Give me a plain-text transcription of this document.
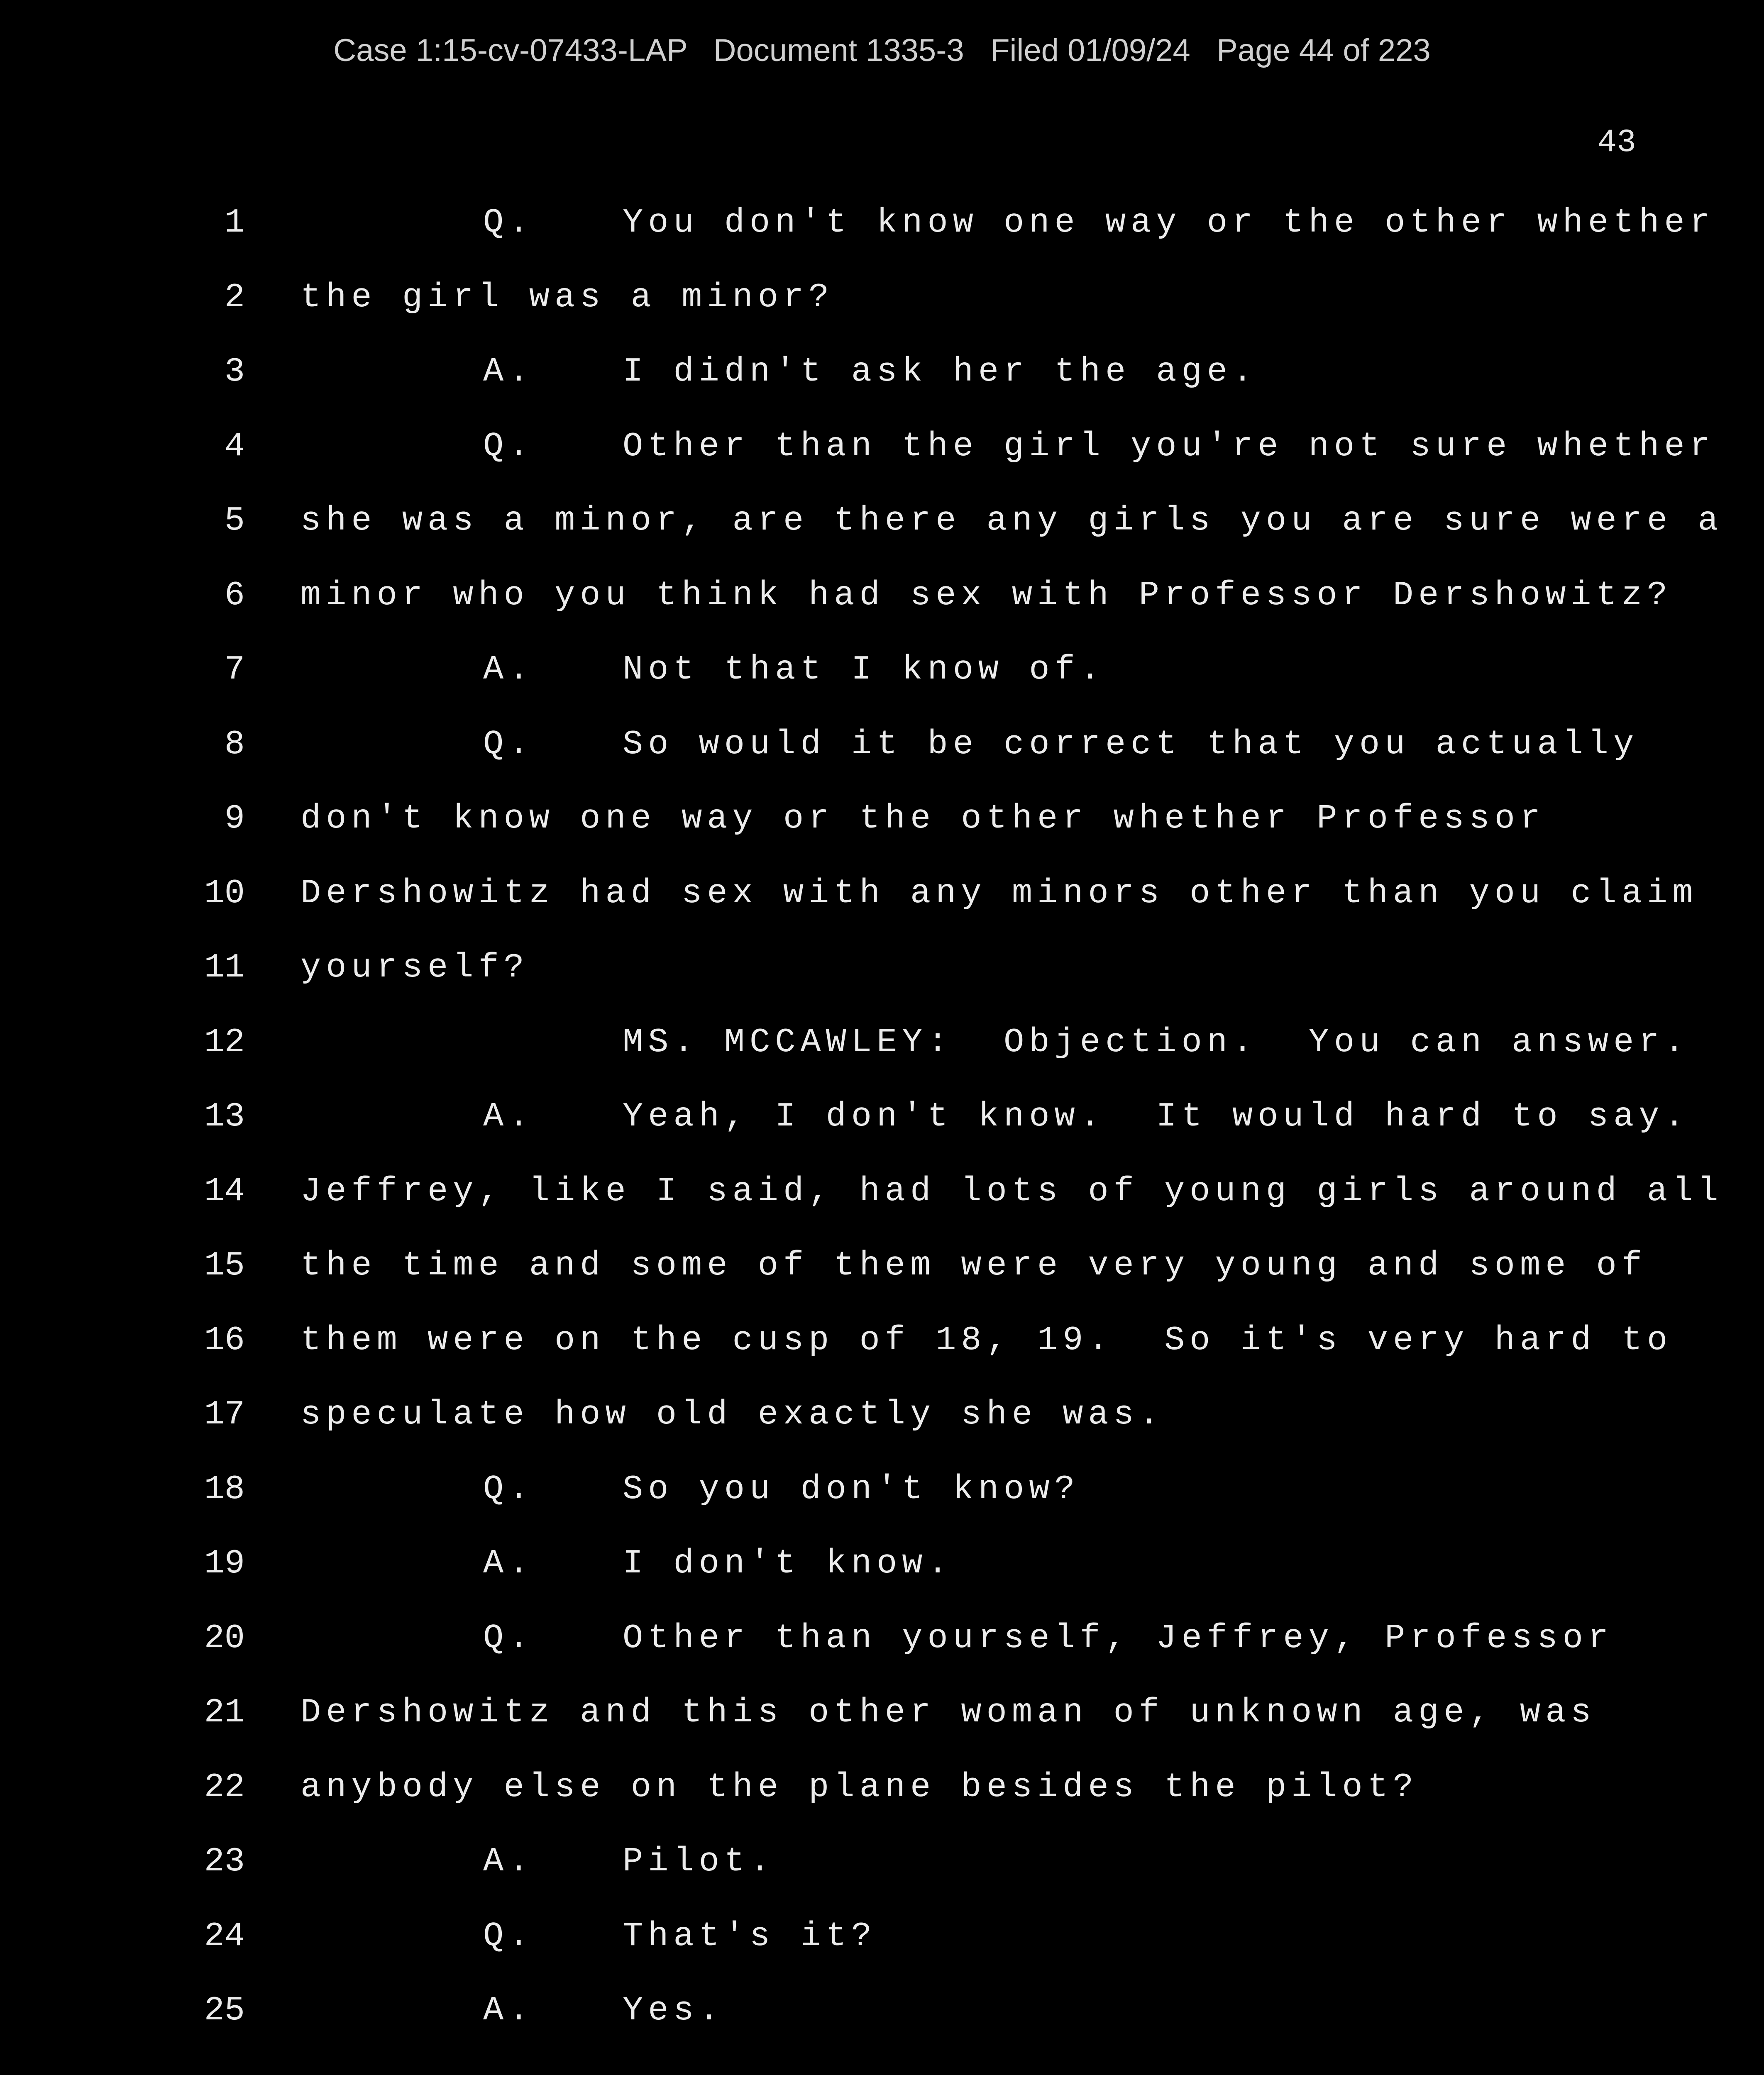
Case 1:15-cv-07433-LAP Document 1335-3 Filed 01/09/24 Page 44 of 223
43
1	Q.	You don't know one way or the other whether
2 the girl was a minor?
3	A.	I didn't ask her the age.
4	Q.	Other than the girl you're not sure whether
5 she was a minor, are there any girls you are sure were a
6 minor who you think had sex with Professor Dershowitz?
7	A.	Not that I know of.
8	Q.	So would it be correct that you actually
9 don't know one way or the other whether Professor
10 Dershowitz had sex with any minors other than you claim
11 yourself?
12	MS. MCCAWLEY:  Objection.  You can answer.
13	A.	Yeah, I don't know.  It would hard to say.
14 Jeffrey, like I said, had lots of young girls around all
15 the time and some of them were very young and some of
16 them were on the cusp of 18, 19.  So it's very hard to
17 speculate how old exactly she was.
18	Q.	So you don't know?
19	A.	I don't know.
20	Q.	Other than yourself, Jeffrey, Professor
21 Dershowitz and this other woman of unknown age, was
22 anybody else on the plane besides the pilot?
23	A.	Pilot.
24	Q.	That's it?
25	A.	Yes.
